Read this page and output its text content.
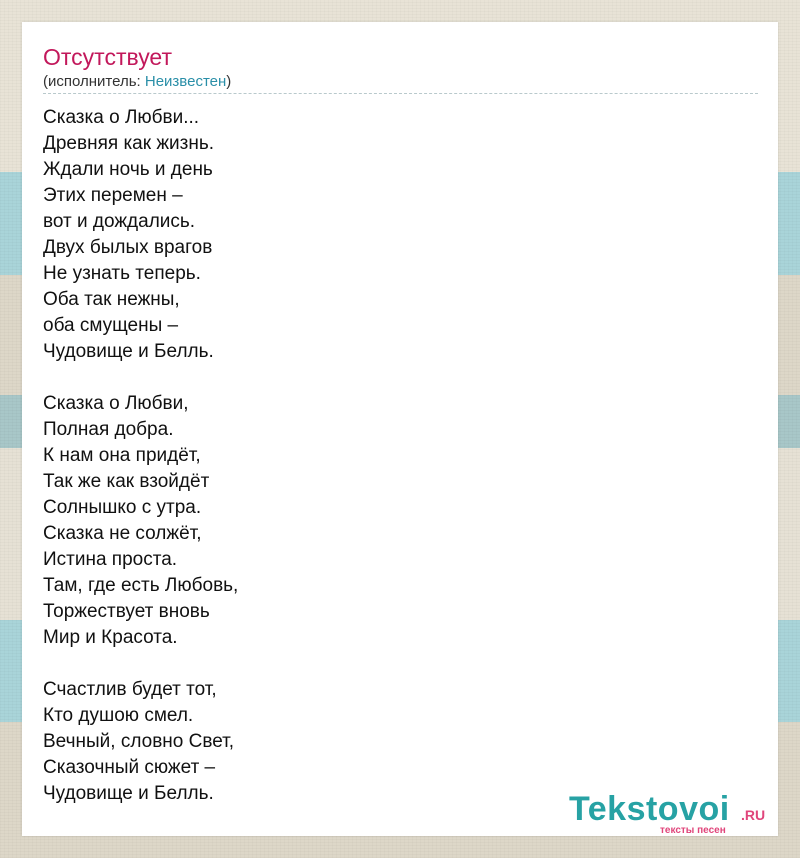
Отсутствует
(исполнитель: Неизвестен)

Сказка о Любви...
Древняя как жизнь.
Ждали ночь и день
Этих перемен –
вот и дождались.
Двух былых врагов
Не узнать теперь.
Оба так нежны,
оба смущены –
Чудовище и Белль.

Сказка о Любви,
Полная добра.
К нам она придёт,
Так же как взойдёт
Солнышко с утра.
Сказка не солжёт,
Истина проста.
Там, где есть Любовь,
Торжествует вновь
Мир и Красота.

Счастлив будет тот,
Кто душою смел.
Вечный, словно Свет,
Сказочный сюжет –
Чудовище и Белль.	Tekstovoi .RU
тексты песен
